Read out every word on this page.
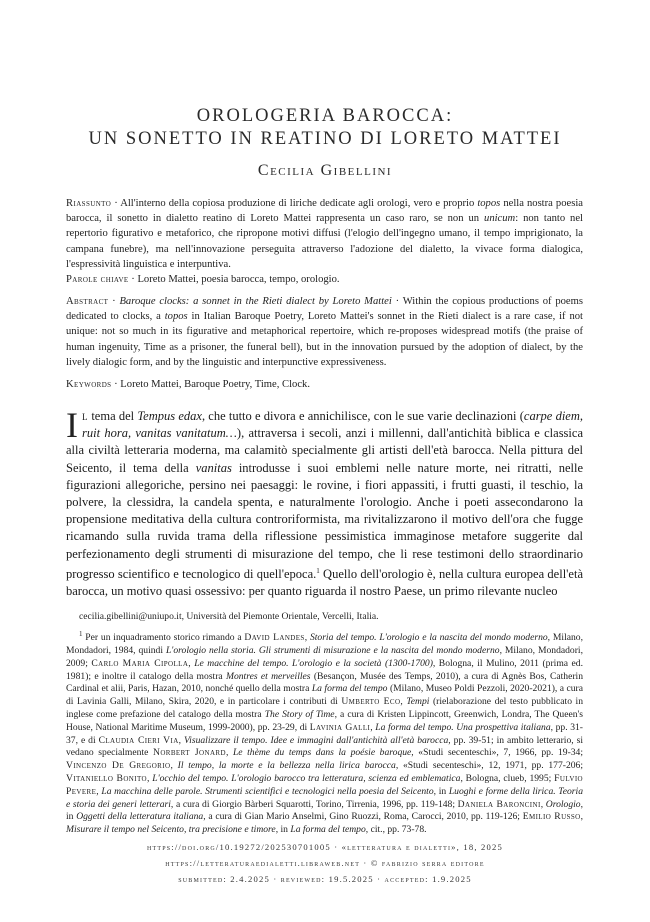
OROLOGERIA BAROCCA:
UN SONETTO IN REATINO DI LORETO MATTEI
Cecilia Gibellini
Riassunto · All'interno della copiosa produzione di liriche dedicate agli orologi, vero e proprio topos nella nostra poesia barocca, il sonetto in dialetto reatino di Loreto Mattei rappresenta un caso raro, se non un unicum: non tanto nel repertorio figurativo e metaforico, che ripropone motivi diffusi (l'elogio dell'ingegno umano, il tempo imprigionato, la campana funebre), ma nell'innovazione perseguita attraverso l'adozione del dialetto, la vivace forma dialogica, l'espressività linguistica e interpuntiva.
Parole chiave · Loreto Mattei, poesia barocca, tempo, orologio.
Abstract · Baroque clocks: a sonnet in the Rieti dialect by Loreto Mattei · Within the copious productions of poems dedicated to clocks, a topos in Italian Baroque Poetry, Loreto Mattei's sonnet in the Rieti dialect is a rare case, if not unique: not so much in its figurative and metaphorical repertoire, which re-proposes widespread motifs (the praise of human ingenuity, Time as a prisoner, the funeral bell), but in the innovation pursued by the adoption of dialect, by the lively dialogic form, and by the linguistic and interpunctive expressiveness.
Keywords · Loreto Mattei, Baroque Poetry, Time, Clock.
Il tema del Tempus edax, che tutto e divora e annichilisce, con le sue varie declinazioni (carpe diem, ruit hora, vanitas vanitatum…), attraversa i secoli, anzi i millenni, dall'antichità biblica e classica alla civiltà letteraria moderna, ma calamitò specialmente gli artisti dell'età barocca. Nella pittura del Seicento, il tema della vanitas introdusse i suoi emblemi nelle nature morte, nei ritratti, nelle figurazioni allegoriche, persino nei paesaggi: le rovine, i fiori appassiti, i frutti guasti, il teschio, la polvere, la clessidra, la candela spenta, e naturalmente l'orologio. Anche i poeti assecondarono la propensione meditativa della cultura controriformista, ma rivitalizzarono il motivo dell'ora che fugge ricamando sulla ruvida trama della riflessione pessimistica immaginose metafore suggerite dal perfezionamento degli strumenti di misurazione del tempo, che li rese testimoni dello straordinario progresso scientifico e tecnologico di quell'epoca.$^1$ Quello dell'orologio è, nella cultura europea dell'età barocca, un motivo quasi ossessivo: per quanto riguarda il nostro Paese, un primo rilevante nucleo
cecilia.gibellini@uniupo.it, Università del Piemonte Orientale, Vercelli, Italia.
$^1$ Per un inquadramento storico rimando a David Landes, Storia del tempo. L'orologio e la nascita del mondo moderno, Milano, Mondadori, 1984, quindi L'orologio nella storia. Gli strumenti di misurazione e la nascita del mondo moderno, Milano, Mondadori, 2009; Carlo Maria Cipolla, Le macchine del tempo. L'orologio e la società (1300-1700), Bologna, il Mulino, 2011 (prima ed. 1981); e inoltre il catalogo della mostra Montres et merveilles (Besançon, Musée des Temps, 2010), a cura di Agnès Bos, Catherin Cardinal et alii, Paris, Hazan, 2010, nonché quello della mostra La forma del tempo (Milano, Museo Poldi Pezzoli, 2020-2021), a cura di Lavinia Galli, Milano, Skira, 2020, e in particolare i contributi di Umberto Eco, Tempi (rielaborazione del testo pubblicato in inglese come prefazione del catalogo della mostra The Story of Time, a cura di Kristen Lippincott, Greenwich, Londra, The Queen's House, National Maritime Museum, 1999-2000), pp. 23-29, di Lavinia Galli, La forma del tempo. Una prospettiva italiana, pp. 31-37, e di Claudia Cieri Via, Visualizzare il tempo. Idee e immagini dall'antichità all'età barocca, pp. 39-51; in ambito letterario, si vedano specialmente Norbert Jonard, Le thème du temps dans la poésie baroque, «Studi secenteschi», 7, 1966, pp. 19-34; Vincenzo De Gregorio, Il tempo, la morte e la bellezza nella lirica barocca, «Studi secenteschi», 12, 1971, pp. 177-206; Vitaniello Bonito, L'occhio del tempo. L'orologio barocco tra letteratura, scienza ed emblematica, Bologna, clueb, 1995; Fulvio Pevere, La macchina delle parole. Strumenti scientifici e tecnologici nella poesia del Seicento, in Luoghi e forme della lirica. Teoria e storia dei generi letterari, a cura di Giorgio Bàrberi Squarotti, Torino, Tirrenia, 1996, pp. 119-148; Daniela Baroncini, Orologio, in Oggetti della letteratura italiana, a cura di Gian Mario Anselmi, Gino Ruozzi, Roma, Carocci, 2010, pp. 119-126; Emilio Russo, Misurare il tempo nel Seicento, tra precisione e timore, in La forma del tempo, cit., pp. 73-78.
https://doi.org/10.19272/202530701005 · «letteratura e dialetti», 18, 2025
https://letteraturaedialetti.libraweb.net · © fabrizio serra editore
submitted: 2.4.2025 · reviewed: 19.5.2025 · accepted: 1.9.2025
